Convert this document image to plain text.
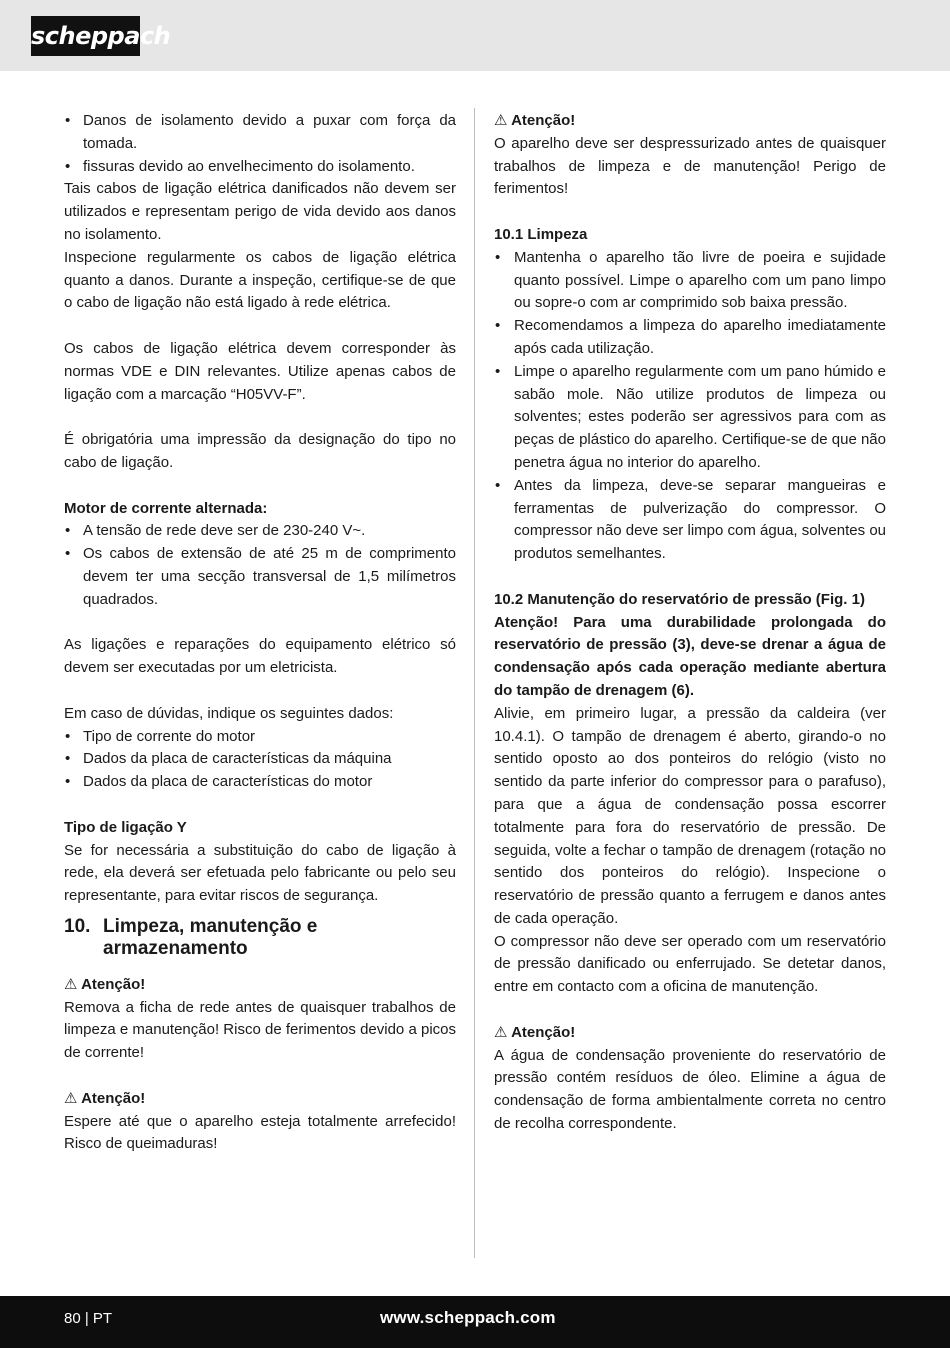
scheppach
• Danos de isolamento devido a puxar com força da tomada.
• fissuras devido ao envelhecimento do isolamento.

Tais cabos de ligação elétrica danificados não devem ser utilizados e representam perigo de vida devido aos danos no isolamento.

Inspecione regularmente os cabos de ligação elétrica quanto a danos. Durante a inspeção, certifique-se de que o cabo de ligação não está ligado à rede elétrica.

Os cabos de ligação elétrica devem corresponder às normas VDE e DIN relevantes. Utilize apenas cabos de ligação com a marcação “H05VV-F”.

É obrigatória uma impressão da designação do tipo no cabo de ligação.

Motor de corrente alternada:

• A tensão de rede deve ser de 230-240 V~.
• Os cabos de extensão de até 25 m de comprimento devem ter uma secção transversal de 1,5 milímetros quadrados.

As ligações e reparações do equipamento elétrico só devem ser executadas por um eletricista.

Em caso de dúvidas, indique os seguintes dados:

• Tipo de corrente do motor
• Dados da placa de características da máquina
• Dados da placa de características do motor

Tipo de ligação Y

Se for necessária a substituição do cabo de ligação à rede, ela deverá ser efetuada pelo fabricante ou pelo seu representante, para evitar riscos de segurança.

10. Limpeza, manutenção e armazenamento

⚠ Atenção!

Remova a ficha de rede antes de quaisquer trabalhos de limpeza e manutenção! Risco de ferimentos devido a picos de corrente!

⚠ Atenção!

Espere até que o aparelho esteja totalmente arrefecido! Risco de queimaduras!

⚠ Atenção!

O aparelho deve ser despressurizado antes de quaisquer trabalhos de limpeza e de manutenção! Perigo de ferimentos!

10.1 Limpeza

• Mantenha o aparelho tão livre de poeira e sujidade quanto possível. Limpe o aparelho com um pano limpo ou sopre-o com ar comprimido sob baixa pressão.
• Recomendamos a limpeza do aparelho imediatamente após cada utilização.
• Limpe o aparelho regularmente com um pano húmido e sabão mole. Não utilize produtos de limpeza ou solventes; estes poderão ser agressivos para com as peças de plástico do aparelho. Certifique-se de que não penetra água no interior do aparelho.
• Antes da limpeza, deve-se separar mangueiras e ferramentas de pulverização do compressor. O compressor não deve ser limpo com água, solventes ou produtos semelhantes.

10.2 Manutenção do reservatório de pressão (Fig. 1)

Atenção! Para uma durabilidade prolongada do reservatório de pressão (3), deve-se drenar a água de condensação após cada operação mediante abertura do tampão de drenagem (6).

Alivie, em primeiro lugar, a pressão da caldeira (ver 10.4.1). O tampão de drenagem é aberto, girando-o no sentido oposto ao dos ponteiros do relógio (visto no sentido da parte inferior do compressor para o parafuso), para que a água de condensação possa escorrer totalmente para fora do reservatório de pressão. De seguida, volte a fechar o tampão de drenagem (rotação no sentido dos ponteiros do relógio). Inspecione o reservatório de pressão quanto a ferrugem e danos antes de cada operação.

O compressor não deve ser operado com um reservatório de pressão danificado ou enferrujado. Se detetar danos, entre em contacto com a oficina de manutenção.

⚠ Atenção!

A água de condensação proveniente do reservatório de pressão contém resíduos de óleo. Elimine a água de condensação de forma ambientalmente correta no centro de recolha correspondente.

80 | PT	www.scheppach.com
